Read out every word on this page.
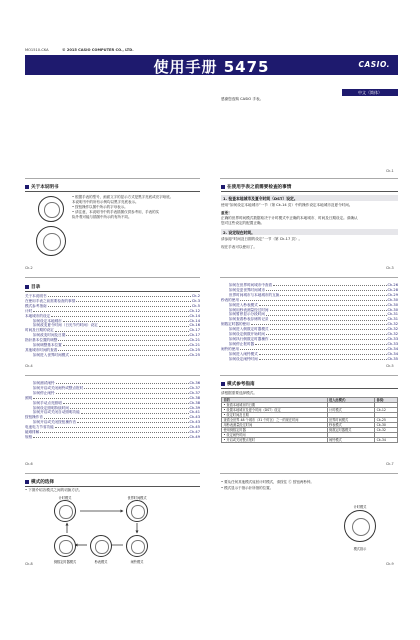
MO1510-CKA	© 2015 CASIO COMPUTER CO., LTD.
使用手册 5475	CASIO.
中文（简体）
感谢您选购 CASIO 手表。
Ck-1
关于本说明书
• 根据手表的型号，画面文字的显示方式是黑字亮底或亮字暗底。
本说明书中的所有示例均以黑字亮底表示。
• 按钮操作以图中所示的字母表示。
• 请注意，本说明书中的手表插图仅供参考用，手表的实
际外观可能与插图中所示的有所不同。
Ck-2
在使用手表之前需要检查的事情
1. 检查本地城市及夏令时间（DST）设定。
使用“如何设定本地城市”一节（第 Ck-14 页）中的操作设定本地城市及夏令时间。
重要！
正确的世界时间模式数据取决于计时模式中正确的本地城市、时间及日期设定。请确认
您对这些设定的配置正确。
2. 设定现在时间。
请参阅“时间及日期的设定”一节（第 Ck-17 页）。
现在手表可以使用了。
Ck-3
目录
关于本说明书	Ck-2
在使用手表之前需要检查的事情	Ck-3
模式参考指南	Ck-5
计时	Ck-12
本地城市的设定	Ck-14
如何设定本地城市	Ck-14
如何改变夏令时间（日光节约时间）设定	Ck-16
时间及日期的设定	Ck-17
如何改变时间及日期	Ck-17
指针基本位置的调整	Ck-21
如何调整基本位置	Ck-21
其他城市时间的查看	Ck-25
如何进入世界时间模式	Ck-25
Ck-4
如何在世界时间城市中查看	Ck-26
如何变更世界时间城市	Ck-28
世界时间城市与本地城市的互换	Ck-29
秒表的使用	Ck-30
如何进入秒表模式	Ck-30
如何用秒表测量经过时间	Ck-30
如何暂停显示分段时间	Ck-31
如何查看秒表存储的记录	Ck-31
倒数定时器的使用	Ck-32
如何进入倒数定时器模式	Ck-32
如何设定倒数开始时间	Ck-32
如何执行倒数定时器操作	Ck-33
如何停止报时器	Ck-33
闹铃的使用	Ck-34
如何进入闹铃模式	Ck-34
如何设定闹铃时间	Ck-35
Ck-5
如何测试闹铃	Ck-36
如何开启或关闭闹铃或整点报时	Ck-37
如何停止闹铃	Ck-37
照明	Ck-38
如何手动点亮照明	Ck-38
如何设定照明持续时间	Ck-39
如何开启或关闭自动照明功能	Ck-41
按钮操作音	Ck-43
如何开启或关闭按钮操作音	Ck-43
电池电力节省功能	Ck-45
疑难排解	Ck-47
规格	Ck-49
Ck-6
模式参考指南
请根据需要选择模式。
目的	进入此模式：	参阅：
• 查看本地城市的日期		
• 设置本地城市及夏令时间（DST）设定	计时模式	Ck-12
• 设定时间及日期		
查看全世界 48 个城市（31 个时区）之一的现在时间	世界时间模式	Ck-25
用秒表测量经过时间	秒表模式	Ck-30
使用倒数定时器	倒数定时器模式	Ck-32
• 设定闹铃时间		
• 开启或关闭整点报时	闹铃模式	Ck-34
Ck-7
模式的选择
• 下图介绍各模式之间的切换方法。
计时模式	世界时间模式
倒数定时器模式	秒表模式	闹铃模式
Ck-8
• 要从任何其他模式返回计时模式，请按住 Ⓒ 按钮两秒钟。
• 模式显示于指示针所指的位置。
计时模式
模式指示
Ck-9
